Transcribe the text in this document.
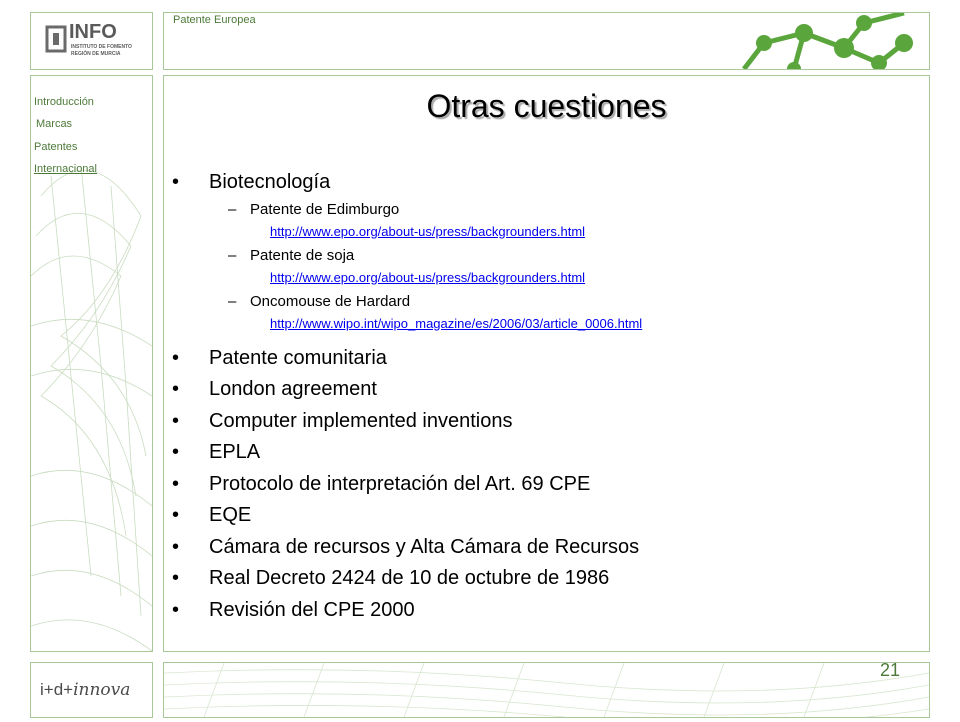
INFO
INSTITUTO DE FOMENTO
REGIÓN DE MURCIA
Patente Europea
Introducción
Marcas
Patentes
Internacional
Otras cuestiones
•	Biotecnología
– Patente de Edimburgo
http://www.epo.org/about-us/press/backgrounders.html
– Patente de soja
http://www.epo.org/about-us/press/backgrounders.html
– Oncomouse de Hardard
http://www.wipo.int/wipo_magazine/es/2006/03/article_0006.html
•	Patente comunitaria
•	London agreement
•	Computer implemented inventions
•	EPLA
•	Protocolo de interpretación del Art. 69 CPE
•	EQE
•	Cámara de recursos y Alta Cámara de Recursos
•	Real Decreto 2424 de 10 de octubre de 1986
•	Revisión del CPE 2000
i+d+innova
21
